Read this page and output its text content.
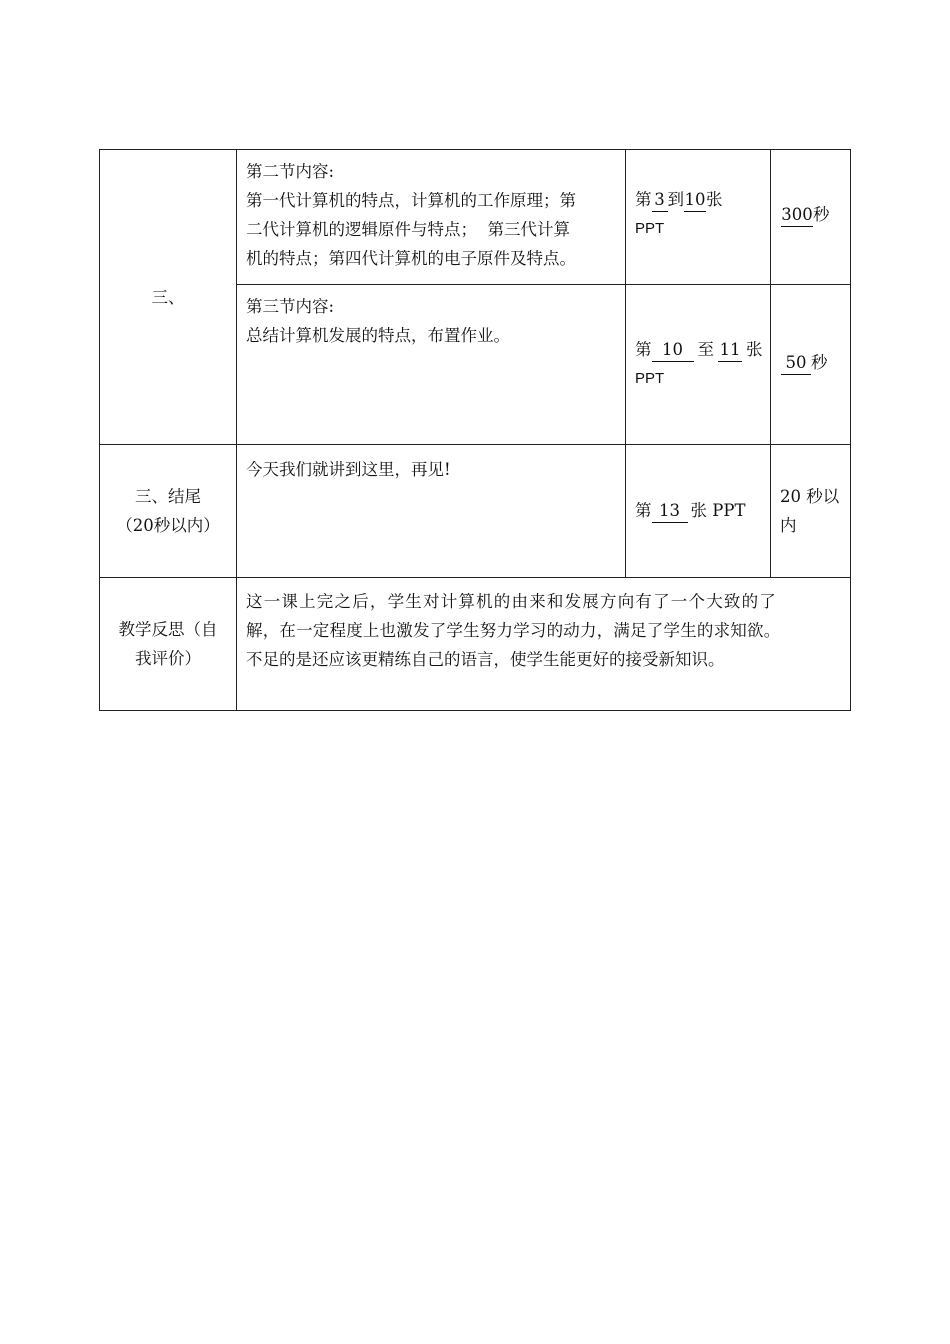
三、
第二节内容:
第一代计算机的特点，计算机的工作原理；第
二代计算机的逻辑原件与特点；  第三代计算
机的特点；第四代计算机的电子原件及特点。
第 3 到10张
PPT
300秒
第三节内容:
总结计算机发展的特点，布置作业。
第 10 至 11 张
PPT
50 秒
三、结尾
（20秒以内）
今天我们就讲到这里，再见!
第 13 张 PPT
20 秒以
内
教学反思（自
我评价）
这一课上完之后，学生对计算机的由来和发展方向有了一个大致的了
解，在一定程度上也激发了学生努力学习的动力，满足了学生的求知欲。
不足的是还应该更精练自己的语言，使学生能更好的接受新知识。
